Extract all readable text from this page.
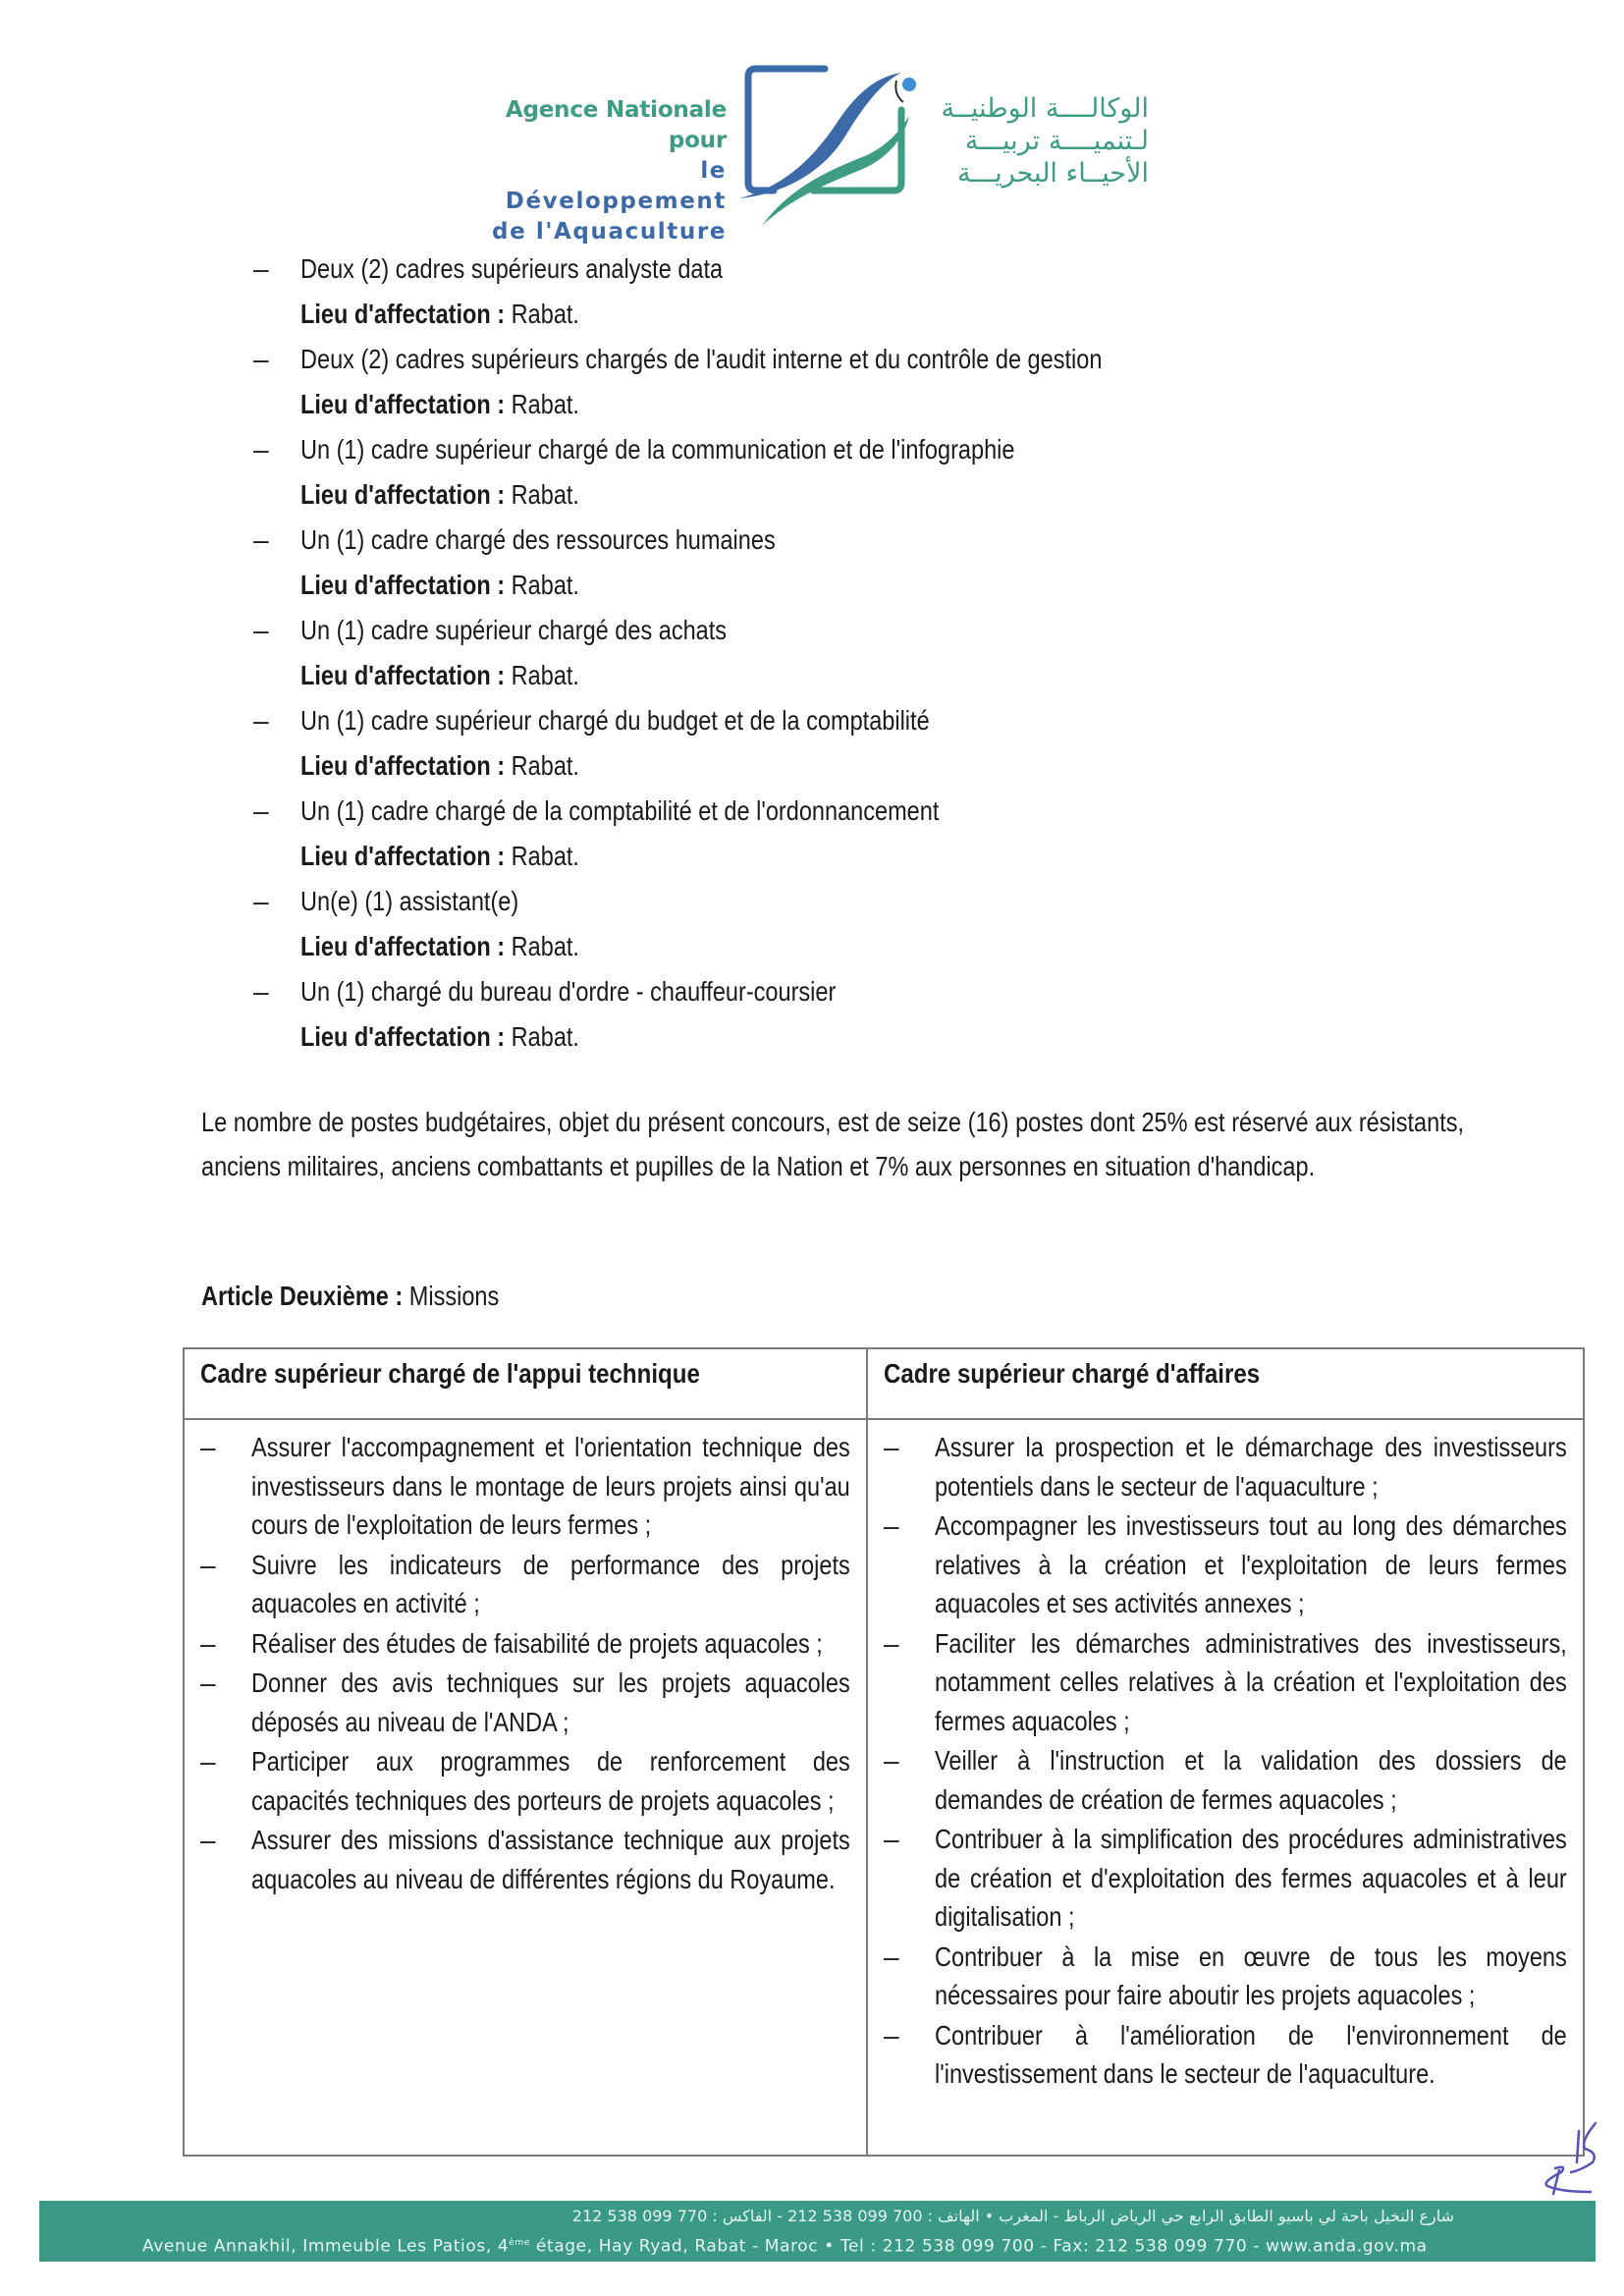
Agence Nationale pour
le Développement
de l'Aquaculture
الوكالــــة الوطنيــة
لـتنميــــة تربيـــة
الأحيــاء البحريـــة
– Deux (2) cadres supérieurs analyste data
Lieu d'affectation : Rabat.
– Deux (2) cadres supérieurs chargés de l'audit interne et du contrôle de gestion
Lieu d'affectation : Rabat.
– Un (1) cadre supérieur chargé de la communication et de l'infographie
Lieu d'affectation : Rabat.
– Un (1) cadre chargé des ressources humaines
Lieu d'affectation : Rabat.
– Un (1) cadre supérieur chargé des achats
Lieu d'affectation : Rabat.
– Un (1) cadre supérieur chargé du budget et de la comptabilité
Lieu d'affectation : Rabat.
– Un (1) cadre chargé de la comptabilité et de l'ordonnancement
Lieu d'affectation : Rabat.
– Un(e) (1) assistant(e)
Lieu d'affectation : Rabat.
– Un (1) chargé du bureau d'ordre - chauffeur-coursier
Lieu d'affectation : Rabat.
Le nombre de postes budgétaires, objet du présent concours, est de seize (16) postes dont 25% est réservé aux résistants, anciens militaires, anciens combattants et pupilles de la Nation et 7% aux personnes en situation d'handicap.
Article Deuxième : Missions
Cadre supérieur chargé de l'appui technique
– Assurer l'accompagnement et l'orientation technique des investisseurs dans le montage de leurs projets ainsi qu'au cours de l'exploitation de leurs fermes ;
– Suivre les indicateurs de performance des projets aquacoles en activité ;
– Réaliser des études de faisabilité de projets aquacoles ;
– Donner des avis techniques sur les projets aquacoles déposés au niveau de l'ANDA ;
– Participer aux programmes de renforcement des capacités techniques des porteurs de projets aquacoles ;
– Assurer des missions d'assistance technique aux projets aquacoles au niveau de différentes régions du Royaume.
Cadre supérieur chargé d'affaires
– Assurer la prospection et le démarchage des investisseurs potentiels dans le secteur de l'aquaculture ;
– Accompagner les investisseurs tout au long des démarches relatives à la création et l'exploitation de leurs fermes aquacoles et ses activités annexes ;
– Faciliter les démarches administratives des investisseurs, notamment celles relatives à la création et l'exploitation des fermes aquacoles ;
– Veiller à l'instruction et la validation des dossiers de demandes de création de fermes aquacoles ;
– Contribuer à la simplification des procédures administratives de création et d'exploitation des fermes aquacoles et à leur digitalisation ;
– Contribuer à la mise en œuvre de tous les moyens nécessaires pour faire aboutir les projets aquacoles ;
– Contribuer à l'amélioration de l'environnement de l'investissement dans le secteur de l'aquaculture.
شارع النخيل باحة لي باسيو الطابق الرابع حي الرياض الرباط - المغرب • الهاتف : 700 099 538 212 - الفاكس : 770 099 538 212
Avenue Annakhil, Immeuble Les Patios, 4ème étage, Hay Ryad, Rabat - Maroc • Tel : 212 538 099 700 - Fax: 212 538 099 770 - www.anda.gov.ma
